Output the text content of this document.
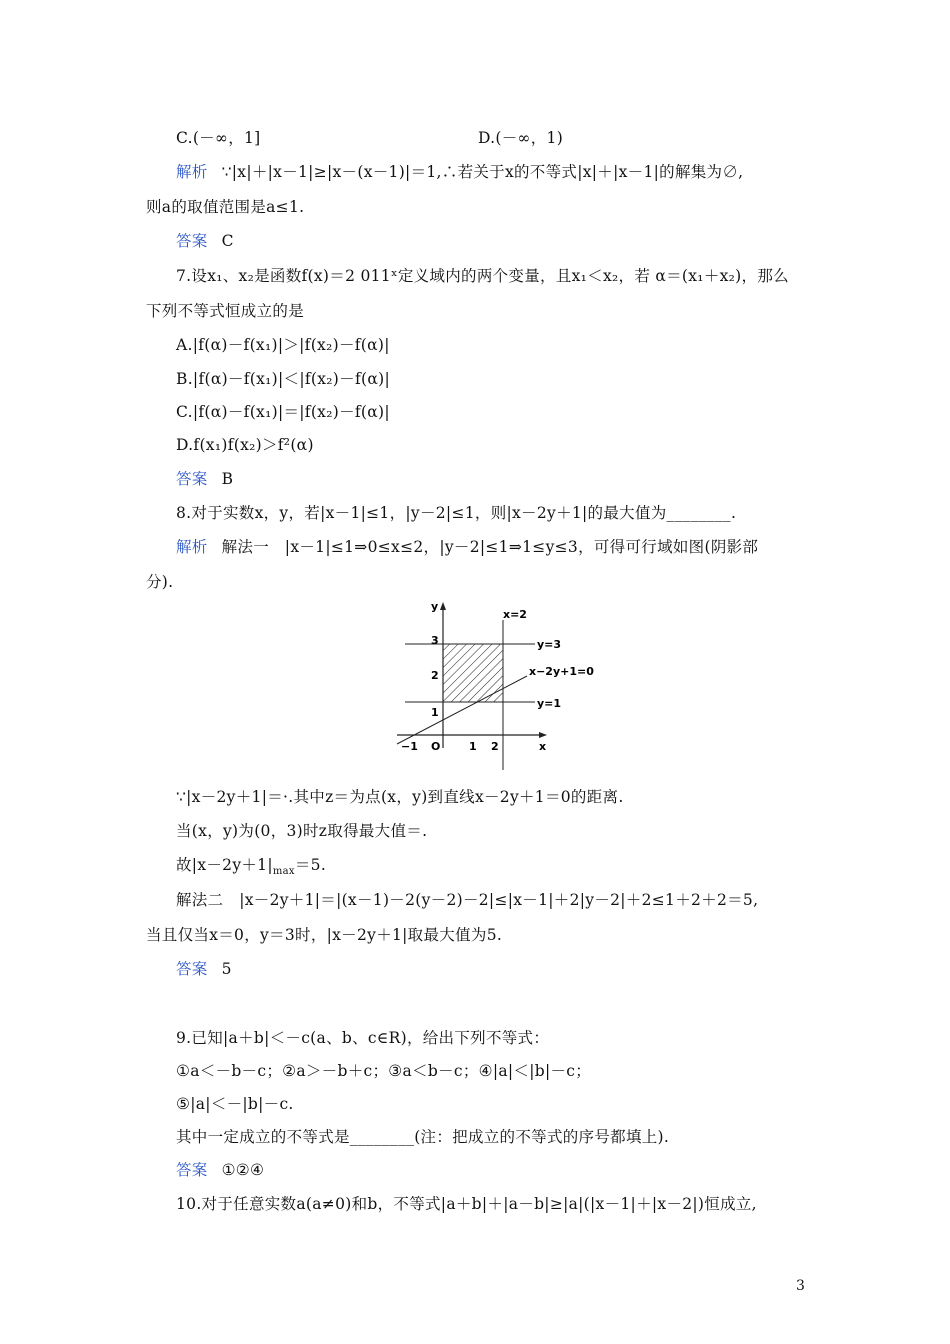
C.(－∞，1]	D.(－∞，1)
解析 ∵|x|＋|x－1|≥|x－(x－1)|＝1,∴若关于x的不等式|x|＋|x－1|的解集为∅,
则a的取值范围是a≤1.
答案 C
7.设x₁、x₂是函数f(x)＝2 011ˣ定义域内的两个变量，且x₁＜x₂，若 α＝(x₁＋x₂)，那么
下列不等式恒成立的是
A.|f(α)－f(x₁)|＞|f(x₂)－f(α)|
B.|f(α)－f(x₁)|＜|f(x₂)－f(α)|
C.|f(α)－f(x₁)|＝|f(x₂)－f(α)|
D.f(x₁)f(x₂)＞f²(α)
答案 B
8.对于实数x，y，若|x－1|≤1，|y－2|≤1，则|x－2y＋1|的最大值为________.
解析 解法一　|x－1|≤1⇒0≤x≤2，|y－2|≤1⇒1≤y≤3，可得可行域如图(阴影部
分).
y
x
O
x=2
y=3
x−2y+1=0
y=1
3
2
1
−1	1 2
∵|x－2y＋1|＝·.其中z＝为点(x，y)到直线x－2y＋1＝0的距离.
当(x，y)为(0，3)时z取得最大值＝.
故$|x-2y+1|_{max}=5$.
解法二　|x－2y＋1|＝|(x－1)－2(y－2)－2|≤|x－1|＋2|y－2|＋2≤1＋2＋2＝5,
当且仅当x＝0，y＝3时，|x－2y＋1|取最大值为5.
答案 5
9.已知|a＋b|＜－c(a、b、c∈R)，给出下列不等式：
①a＜－b－c；②a＞－b＋c；③a＜b－c；④|a|＜|b|－c；
⑤|a|＜－|b|－c.
其中一定成立的不等式是________(注：把成立的不等式的序号都填上).
答案 ①②④
10.对于任意实数a(a≠0)和b，不等式|a＋b|＋|a－b|≥|a|(|x－1|＋|x－2|)恒成立,
3
